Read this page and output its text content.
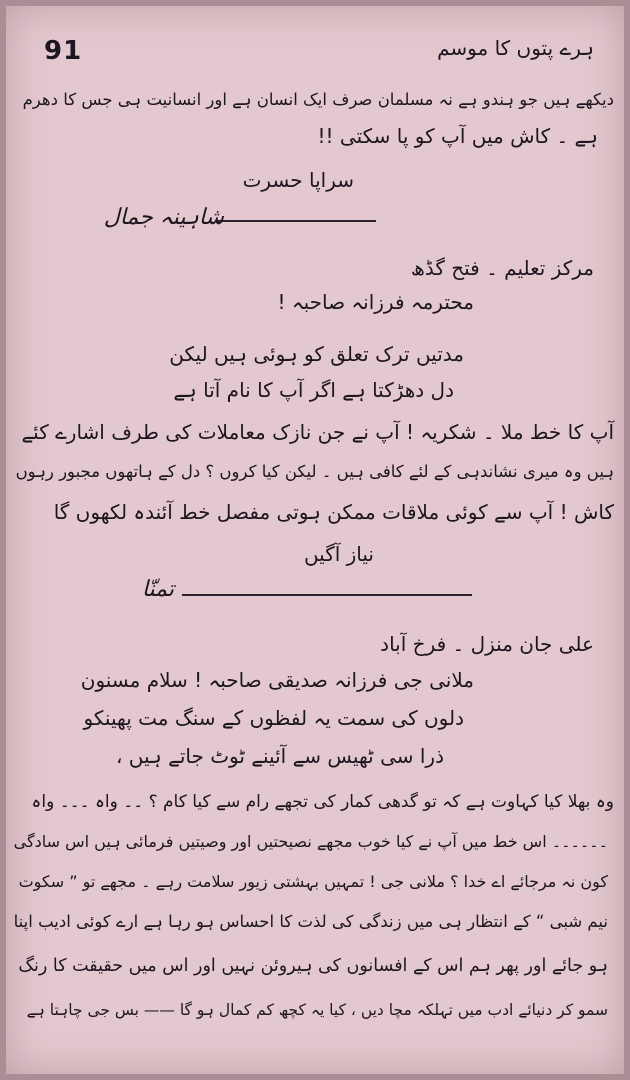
91	ہرے پتوں کا موسم
دیکھے ہیں جو ہندو ہے نہ مسلمان صرف ایک انسان ہے اور انسانیت ہی جس کا دھرم
ہے ۔ کاش میں آپ کو پا سکتی !!
سراپا حسرت
شاہینہ جمال
مرکز تعلیم ۔ فتح گڈھ
محترمہ فرزانہ صاحبہ !
مدتیں ترک تعلق کو ہوئی ہیں لیکن
دل دھڑکتا ہے اگر آپ کا نام آتا ہے
آپ کا خط ملا ۔ شکریہ ! آپ نے جن نازک معاملات کی طرف اشارے کئے
ہیں وہ میری نشاندہی کے لئے کافی ہیں ۔ لیکن کیا کروں ؟ دل کے ہاتھوں مجبور رہوں
کاش ! آپ سے کوئی ملاقات ممکن ہوتی مفصل خط آئندہ لکھوں گا
نیاز آگیں
تمنّا
علی جان منزل ۔ فرخ آباد
ملانی جی فرزانہ صدیقی صاحبہ ! سلام مسنون
دلوں کی سمت یہ لفظوں کے سنگ مت پھینکو
ذرا سی ٹھیس سے آئینے ٹوٹ جاتے ہیں ،
وہ بھلا کیا کہاوت ہے کہ تو گدھی کمار کی تجھے رام سے کیا کام ؟ ۔۔ واہ ۔۔۔ واہ
۔۔۔۔۔۔ اس خط میں آپ نے کیا خوب مجھے نصیحتیں اور وصیتیں فرمائی ہیں اس سادگی
کون نہ مرجائے اے خدا ؟ ملانی جی ! تمہیں بہشتی زیور سلامت رہے ۔ مجھے تو ” سکوت
نیم شبی “ کے انتظار ہی میں زندگی کی لذت کا احساس ہو رہا ہے ارے کوئی ادیب اپنا
ہو جائے اور پھر ہم اس کے افسانوں کی ہیروئن نہیں اور اس میں حقیقت کا رنگ
سمو کر دنیائے ادب میں تہلکہ مچا دیں ، کیا یہ کچھ کم کمال ہو گا —— بس جی چاہتا ہے
